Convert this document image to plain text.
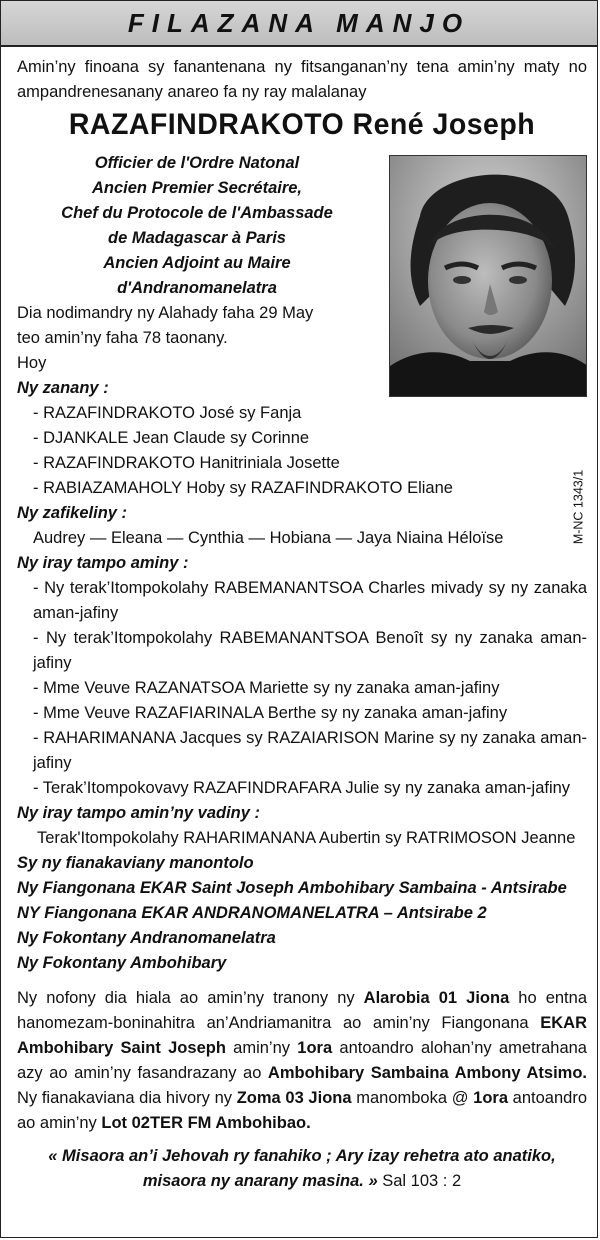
FILAZANA MANJO

Amin’ny finoana sy fanantenana ny fitsanganan’ny tena amin’ny maty no ampandrenesanany anareo fa ny ray malalanay

RAZAFINDRAKOTO René Joseph
Officier de l'Ordre Natonal
Ancien Premier Secrétaire,
Chef du Protocole de l'Ambassade
de Madagascar à Paris
Ancien Adjoint au Maire
d'Andranomanelatra

Dia nodimandry ny Alahady faha 29 May

teo amin’ny faha 78 taonany.

Hoy

Ny zanany :

- RAZAFINDRAKOTO José sy Fanja

- DJANKALE Jean Claude sy Corinne

- RAZAFINDRAKOTO Hanitriniala Josette

- RABIAZAMAHOLY Hoby sy RAZAFINDRAKOTO Eliane	M-NC 1343/1

Ny zafikeliny :

Audrey — Eleana — Cynthia — Hobiana — Jaya Niaina Héloïse

Ny iray tampo aminy :

- Ny terak’Itompokolahy RABEMANANTSOA Charles mivady sy ny zanaka aman-jafiny

- Ny terak’Itompokolahy RABEMANANTSOA Benoît sy ny zanaka aman-jafiny

- Mme Veuve RAZANATSOA Mariette sy ny zanaka aman-jafiny

- Mme Veuve RAZAFIARINALA Berthe sy ny zanaka aman-jafiny

- RAHARIMANANA Jacques sy RAZAIARISON Marine sy ny zanaka aman-jafiny

- Terak’Itompokovavy RAZAFINDRAFARA Julie sy ny zanaka aman-jafiny

Ny iray tampo amin’ny vadiny :

Terak'Itompokolahy RAHARIMANANA Aubertin sy RATRIMOSON Jeanne

Sy ny fianakaviany manontolo

Ny Fiangonana EKAR Saint Joseph Ambohibary Sambaina - Antsirabe

NY Fiangonana EKAR ANDRANOMANELATRA – Antsirabe 2

Ny Fokontany Andranomanelatra

Ny Fokontany Ambohibary

Ny nofony dia hiala ao amin’ny tranony ny Alarobia 01 Jiona ho entna hanomezam-boninahitra an’Andriamanitra ao amin’ny Fiangonana EKAR Ambohibary Saint Joseph amin’ny 1ora antoandro alohan’ny ametrahana azy ao amin’ny fasandrazany ao Ambohibary Sambaina Ambony Atsimo. Ny fianakaviana dia hivory ny Zoma 03 Jiona manomboka @ 1ora antoandro ao amin’ny Lot 02TER FM Ambohibao.

« Misaora an’i Jehovah ry fanahiko ; Ary izay rehetra ato anatiko, misaora ny anarany masina. » Sal 103 : 2
